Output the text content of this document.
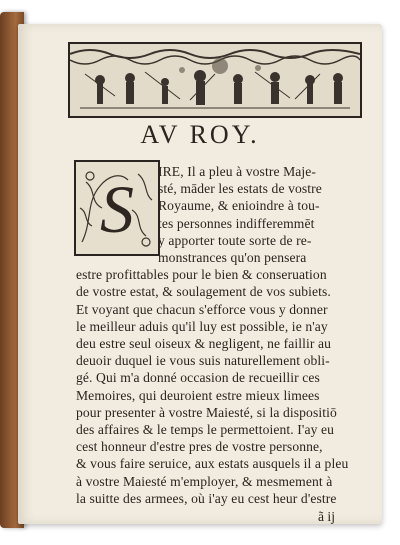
AV ROY.
S IRE, Il a pleu à vostre Maje-
sté, māder les estats de vostre
Royaume, & enioindre à tou-
tes personnes indifferemmēt
y apporter toute sorte de re-
monstrances qu'on pensera
estre profittables pour le bien & conseruation
de vostre estat, & soulagement de vos subiets.
Et voyant que chacun s'efforce vous y donner
le meilleur aduis qu'il luy est possible, ie n'ay
deu estre seul oiseux & negligent, ne faillir au
deuoir duquel ie vous suis naturellement obli-
gé. Qui m'a donné occasion de recueillir ces
Memoires, qui deuroient estre mieux limees
pour presenter à vostre Maiesté, si la dispositiō
des affaires & le temps le permettoient. I'ay eu
cest honneur d'estre pres de vostre personne,
& vous faire seruice, aux estats ausquels il a pleu
à vostre Maiesté m'employer, & mesmement à
la suitte des armees, où i'ay eu cest heur d'estre
ã ij
